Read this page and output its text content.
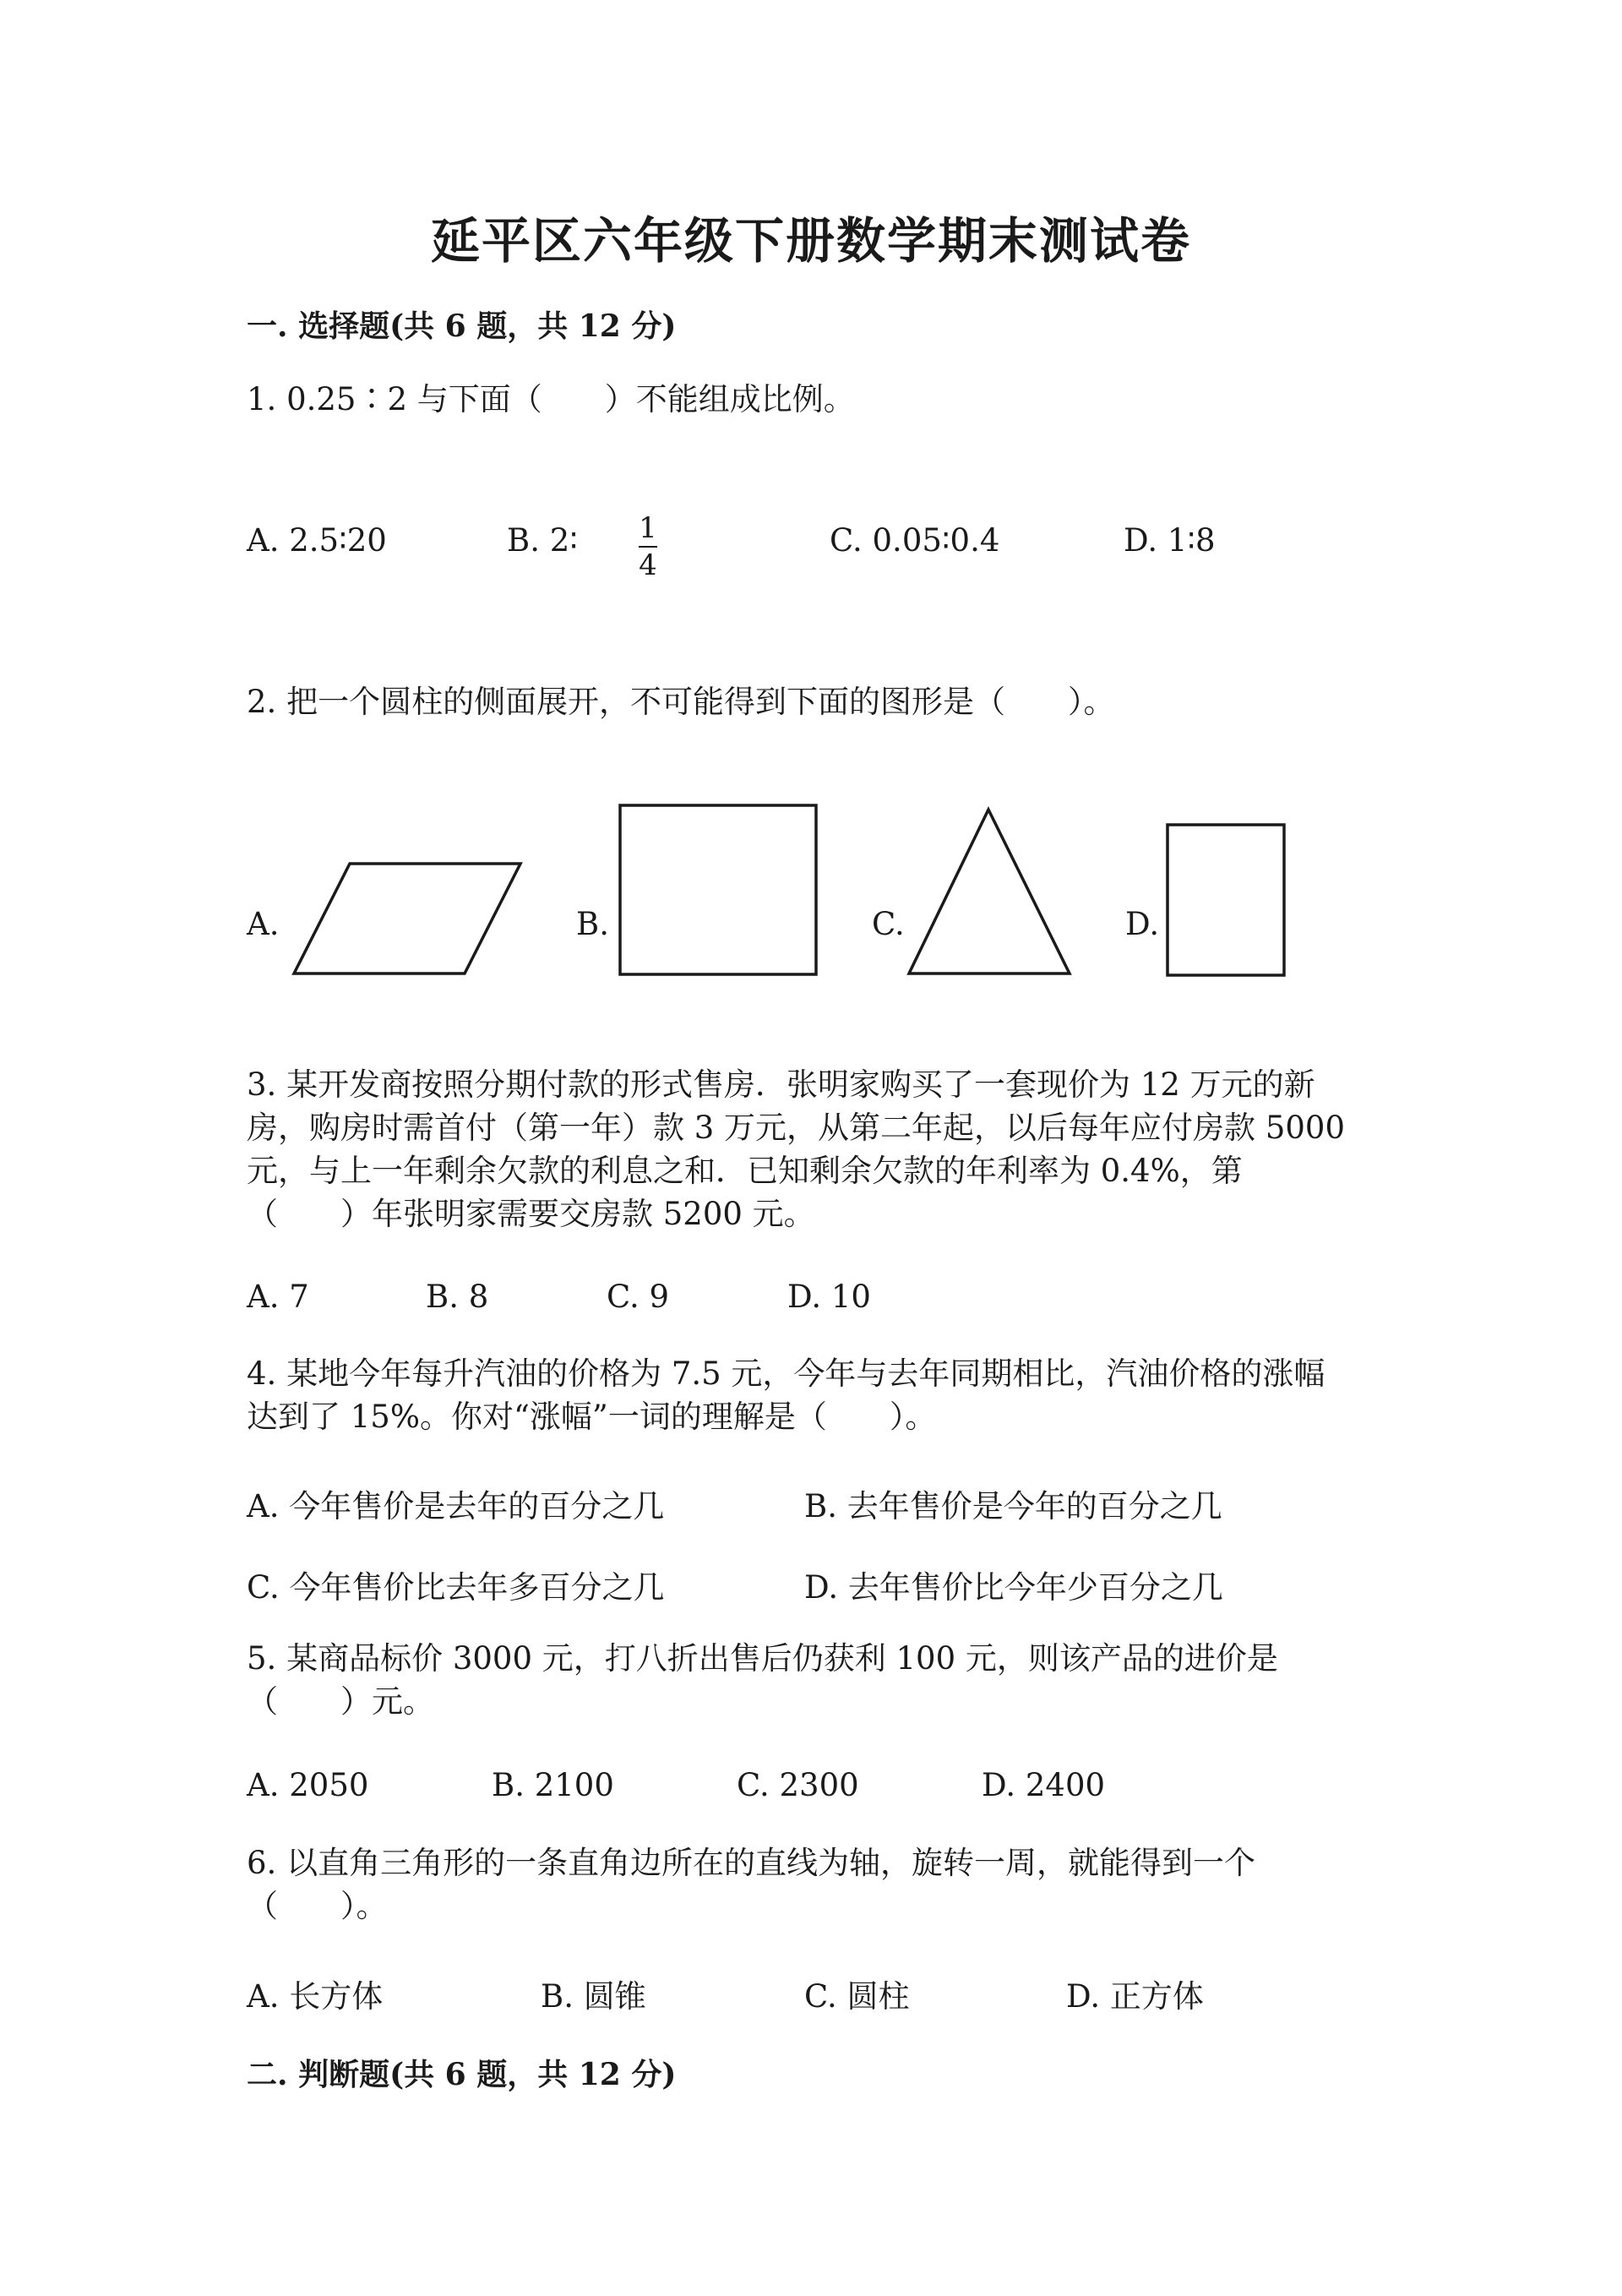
延平区六年级下册数学期末测试卷
一. 选择题(共 6 题，共 12 分)
1. 0.25∶2 与下面（　　）不能组成比例。
A. 2.5∶20	B. 2∶ 1
4
C. 0.05∶0.4	D. 1∶8
2. 把一个圆柱的侧面展开，不可能得到下面的图形是（　　）。
A.	B.	C.	D.
3. 某开发商按照分期付款的形式售房．张明家购买了一套现价为 12 万元的新
房，购房时需首付（第一年）款 3 万元，从第二年起，以后每年应付房款 5000
元，与上一年剩余欠款的利息之和．已知剩余欠款的年利率为 0.4%，第
（　　）年张明家需要交房款 5200 元。
A. 7	B. 8	C. 9	D. 10
4. 某地今年每升汽油的价格为 7.5 元，今年与去年同期相比，汽油价格的涨幅
达到了 15%。你对“涨幅”一词的理解是（　　）。
A. 今年售价是去年的百分之几	B. 去年售价是今年的百分之几
C. 今年售价比去年多百分之几	D. 去年售价比今年少百分之几
5. 某商品标价 3000 元，打八折出售后仍获利 100 元，则该产品的进价是
（　　）元。
A. 2050	B. 2100	C. 2300	D. 2400
6. 以直角三角形的一条直角边所在的直线为轴，旋转一周，就能得到一个
（　　）。
A. 长方体	B. 圆锥	C. 圆柱	D. 正方体
二. 判断题(共 6 题，共 12 分)
